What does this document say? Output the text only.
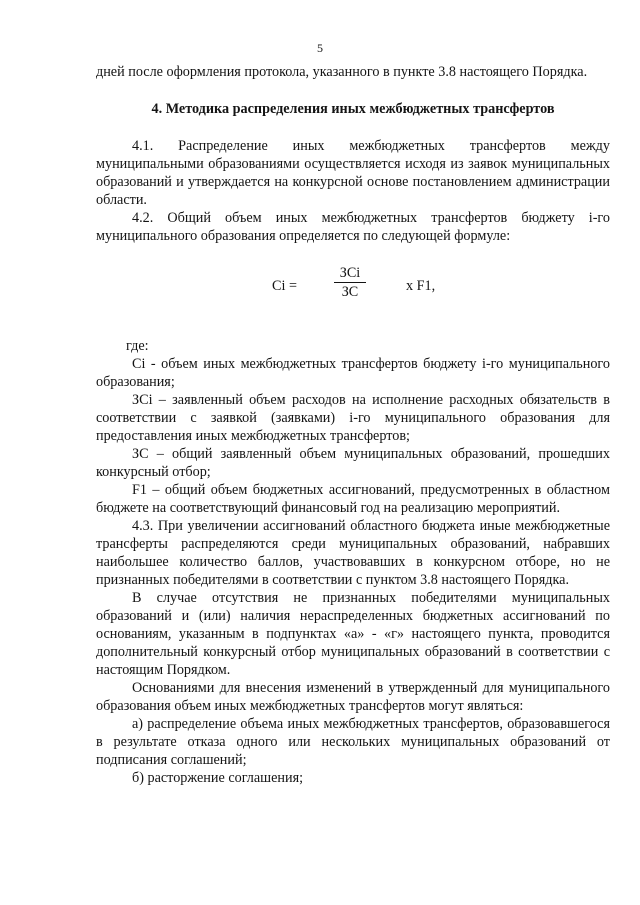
5

дней после оформления протокола, указанного в пункте 3.8 настоящего Порядка.

4. Методика распределения иных межбюджетных трансфертов

4.1. Распределение иных межбюджетных трансфертов между муниципальными образованиями осуществляется исходя из заявок муниципальных образований и утверждается на конкурсной основе постановлением администрации области.

4.2. Общий объем иных межбюджетных трансфертов бюджету i-го муниципального образования определяется по следующей формуле:

Ci =
ЗСi
ЗС	x F1,

где:

Ci - объем иных межбюджетных трансфертов бюджету i-го муниципального образования;

ЗСi – заявленный объем расходов на исполнение расходных обязательств в соответствии с заявкой (заявками) i-го муниципального образования для предоставления иных межбюджетных трансфертов;

ЗС – общий заявленный объем муниципальных образований, прошедших конкурсный отбор;

F1 – общий объем бюджетных ассигнований, предусмотренных в областном бюджете на соответствующий финансовый год на реализацию мероприятий.

4.3. При увеличении ассигнований областного бюджета иные межбюджетные трансферты распределяются среди муниципальных образований, набравших наибольшее количество баллов, участвовавших в конкурсном отборе, но не признанных победителями в соответствии с пунктом 3.8 настоящего Порядка.

В случае отсутствия не признанных победителями муниципальных образований и (или) наличия нераспределенных бюджетных ассигнований по основаниям, указанным в подпунктах «а» - «г» настоящего пункта, проводится дополнительный конкурсный отбор муниципальных образований в соответствии с настоящим Порядком.

Основаниями для внесения изменений в утвержденный для муниципального образования объем иных межбюджетных трансфертов могут являться:

а) распределение объема иных межбюджетных трансфертов, образовавшегося в результате отказа одного или нескольких муниципальных образований от подписания соглашений;

б) расторжение соглашения;
